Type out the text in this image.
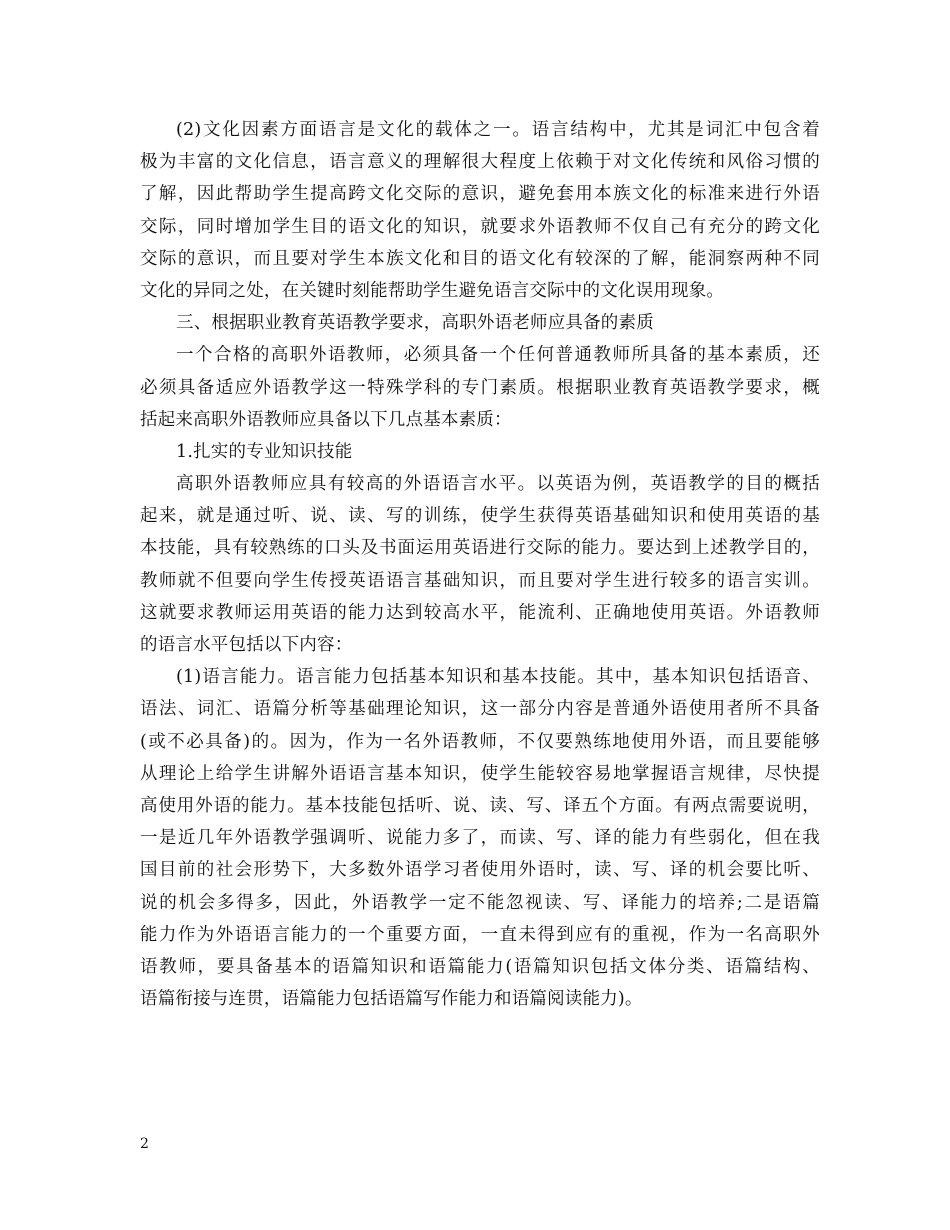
(2)文化因素方面语言是文化的载体之一。语言结构中，尤其是词汇中包含着
极为丰富的文化信息，语言意义的理解很大程度上依赖于对文化传统和风俗习惯的
了解，因此帮助学生提高跨文化交际的意识，避免套用本族文化的标准来进行外语
交际，同时增加学生目的语文化的知识，就要求外语教师不仅自己有充分的跨文化
交际的意识，而且要对学生本族文化和目的语文化有较深的了解，能洞察两种不同
文化的异同之处，在关键时刻能帮助学生避免语言交际中的文化误用现象。
三、根据职业教育英语教学要求，高职外语老师应具备的素质
一个合格的高职外语教师，必须具备一个任何普通教师所具备的基本素质，还
必须具备适应外语教学这一特殊学科的专门素质。根据职业教育英语教学要求，概
括起来高职外语教师应具备以下几点基本素质：
1.扎实的专业知识技能
高职外语教师应具有较高的外语语言水平。以英语为例，英语教学的目的概括
起来，就是通过听、说、读、写的训练，使学生获得英语基础知识和使用英语的基
本技能，具有较熟练的口头及书面运用英语进行交际的能力。要达到上述教学目的，
教师就不但要向学生传授英语语言基础知识，而且要对学生进行较多的语言实训。
这就要求教师运用英语的能力达到较高水平，能流利、正确地使用英语。外语教师
的语言水平包括以下内容：
(1)语言能力。语言能力包括基本知识和基本技能。其中，基本知识包括语音、
语法、词汇、语篇分析等基础理论知识，这一部分内容是普通外语使用者所不具备
(或不必具备)的。因为，作为一名外语教师，不仅要熟练地使用外语，而且要能够
从理论上给学生讲解外语语言基本知识，使学生能较容易地掌握语言规律，尽快提
高使用外语的能力。基本技能包括听、说、读、写、译五个方面。有两点需要说明，
一是近几年外语教学强调听、说能力多了，而读、写、译的能力有些弱化，但在我
国目前的社会形势下，大多数外语学习者使用外语时，读、写、译的机会要比听、
说的机会多得多，因此，外语教学一定不能忽视读、写、译能力的培养;二是语篇
能力作为外语语言能力的一个重要方面，一直未得到应有的重视，作为一名高职外
语教师，要具备基本的语篇知识和语篇能力(语篇知识包括文体分类、语篇结构、
语篇衔接与连贯，语篇能力包括语篇写作能力和语篇阅读能力)。
2
